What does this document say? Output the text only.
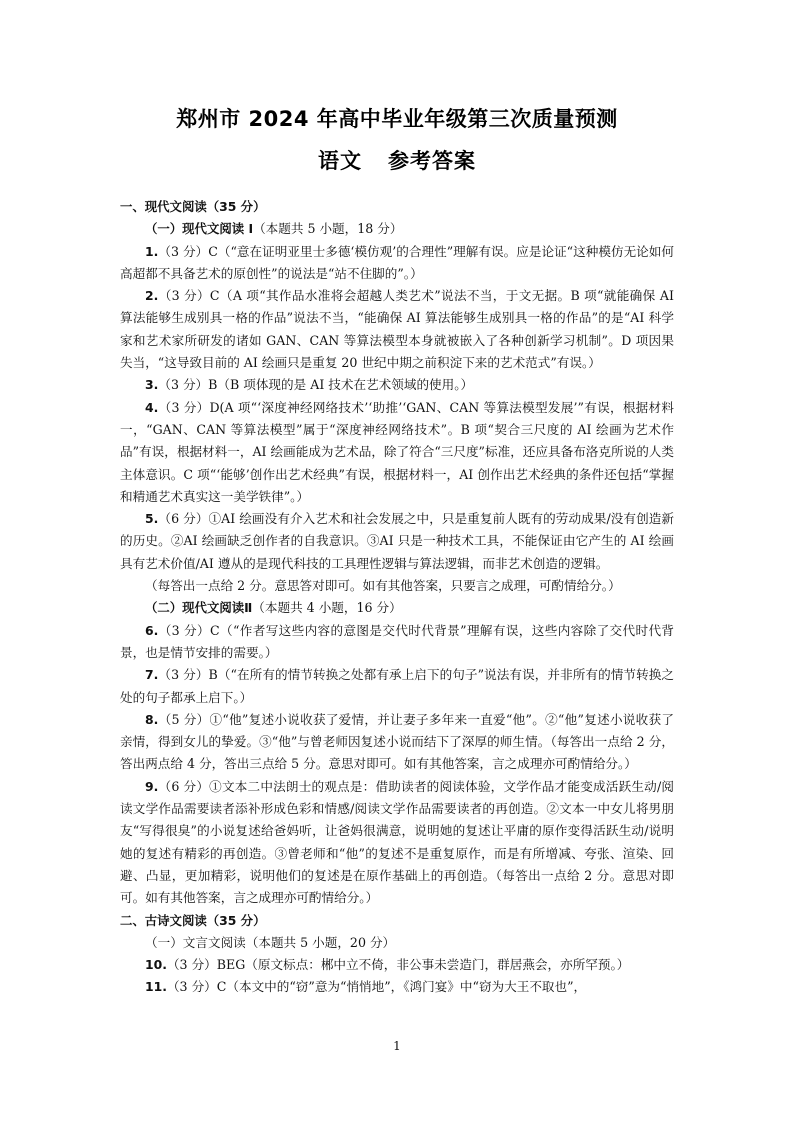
郑州市 2024 年高中毕业年级第三次质量预测
语文 参考答案

一、现代文阅读（35 分）

（一）现代文阅读 I（本题共 5 小题，18 分）

1.（3 分）C（“意在证明亚里士多德‘模仿观’的合理性”理解有误。应是论证“这种模仿无论如何高超都不具备艺术的原创性”的说法是“站不住脚的”。）

2.（3 分）C（A 项“其作品水准将会超越人类艺术”说法不当，于文无据。B 项“就能确保 AI 算法能够生成别具一格的作品”说法不当，“能确保 AI 算法能够生成别具一格的作品”的是“AI 科学家和艺术家所研发的诸如 GAN、CAN 等算法模型本身就被嵌入了各种创新学习机制”。D 项因果失当，“这导致目前的 AI 绘画只是重复 20 世纪中期之前积淀下来的艺术范式”有误。）

3.（3 分）B（B 项体现的是 AI 技术在艺术领域的使用。）

4.（3 分）D(A 项“‘深度神经网络技术’‘助推’‘GAN、CAN 等算法模型发展’”有误，根据材料一，“GAN、CAN 等算法模型”属于“深度神经网络技术”。B 项“契合三尺度的 AI 绘画为艺术作品”有误，根据材料一，AI 绘画能成为艺术品，除了符合“三尺度”标准，还应具备布洛克所说的人类主体意识。C 项“‘能够’创作出艺术经典”有误，根据材料一，AI 创作出艺术经典的条件还包括“掌握和精通艺术真实这一美学铁律”。）

5.（6 分）①AI 绘画没有介入艺术和社会发展之中，只是重复前人既有的劳动成果/没有创造新的历史。②AI 绘画缺乏创作者的自我意识。③AI 只是一种技术工具，不能保证由它产生的 AI 绘画具有艺术价值/AI 遵从的是现代科技的工具理性逻辑与算法逻辑，而非艺术创造的逻辑。

（每答出一点给 2 分。意思答对即可。如有其他答案，只要言之成理，可酌情给分。）

（二）现代文阅读Ⅱ（本题共 4 小题，16 分）

6.（3 分）C（“作者写这些内容的意图是交代时代背景”理解有误，这些内容除了交代时代背景，也是情节安排的需要。）

7.（3 分）B（“在所有的情节转换之处都有承上启下的句子”说法有误，并非所有的情节转换之处的句子都承上启下。）

8.（5 分）①“他”复述小说收获了爱情，并让妻子多年来一直爱“他”。②“他”复述小说收获了亲情，得到女儿的挚爱。③“他”与曾老师因复述小说而结下了深厚的师生情。（每答出一点给 2 分，答出两点给 4 分，答出三点给 5 分。意思对即可。如有其他答案，言之成理亦可酌情给分。）

9.（6 分）①文本二中法朗士的观点是：借助读者的阅读体验，文学作品才能变成活跃生动/阅读文学作品需要读者添补形成色彩和情感/阅读文学作品需要读者的再创造。②文本一中女儿将男朋友“写得很臭”的小说复述给爸妈听，让爸妈很满意，说明她的复述让平庸的原作变得活跃生动/说明她的复述有精彩的再创造。③曾老师和“他”的复述不是重复原作，而是有所增减、夸张、渲染、回避、凸显，更加精彩，说明他们的复述是在原作基础上的再创造。（每答出一点给 2 分。意思对即可。如有其他答案，言之成理亦可酌情给分。）

二、古诗文阅读（35 分）

（一）文言文阅读（本题共 5 小题，20 分）

10.（3 分）BEG（原文标点：郴中立不倚，非公事未尝造门，群居燕会，亦所罕预。）

11.（3 分）C（本文中的“窃”意为“悄悄地”，《鸿门宴》中“窃为大王不取也”，

1
